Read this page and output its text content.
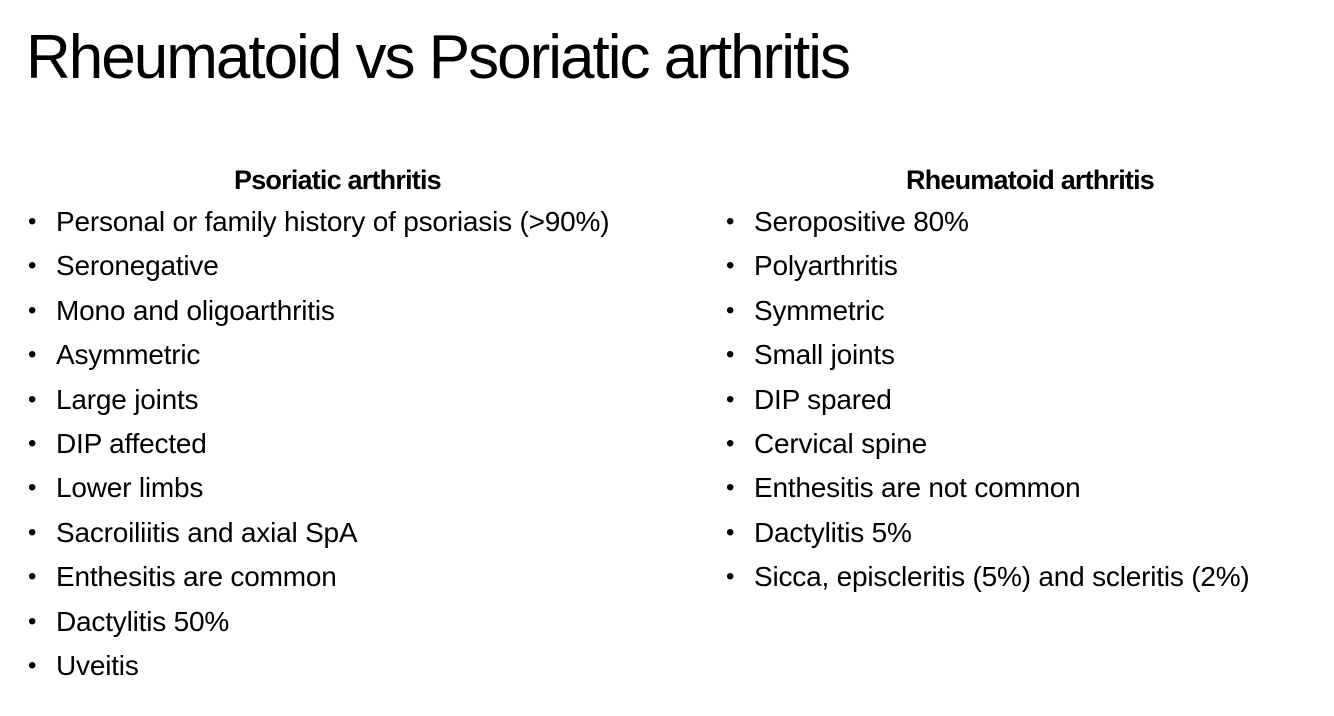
Rheumatoid vs Psoriatic arthritis
Psoriatic arthritis
• Personal or family history of psoriasis (>90%)
• Seronegative
• Mono and oligoarthritis
• Asymmetric
• Large joints
• DIP affected
• Lower limbs
• Sacroiliitis and axial SpA
• Enthesitis are common
• Dactylitis 50%
• Uveitis
Rheumatoid arthritis
• Seropositive 80%
• Polyarthritis
• Symmetric
• Small joints
• DIP spared
• Cervical spine
• Enthesitis are not common
• Dactylitis 5%
• Sicca, episcleritis (5%) and scleritis (2%)
